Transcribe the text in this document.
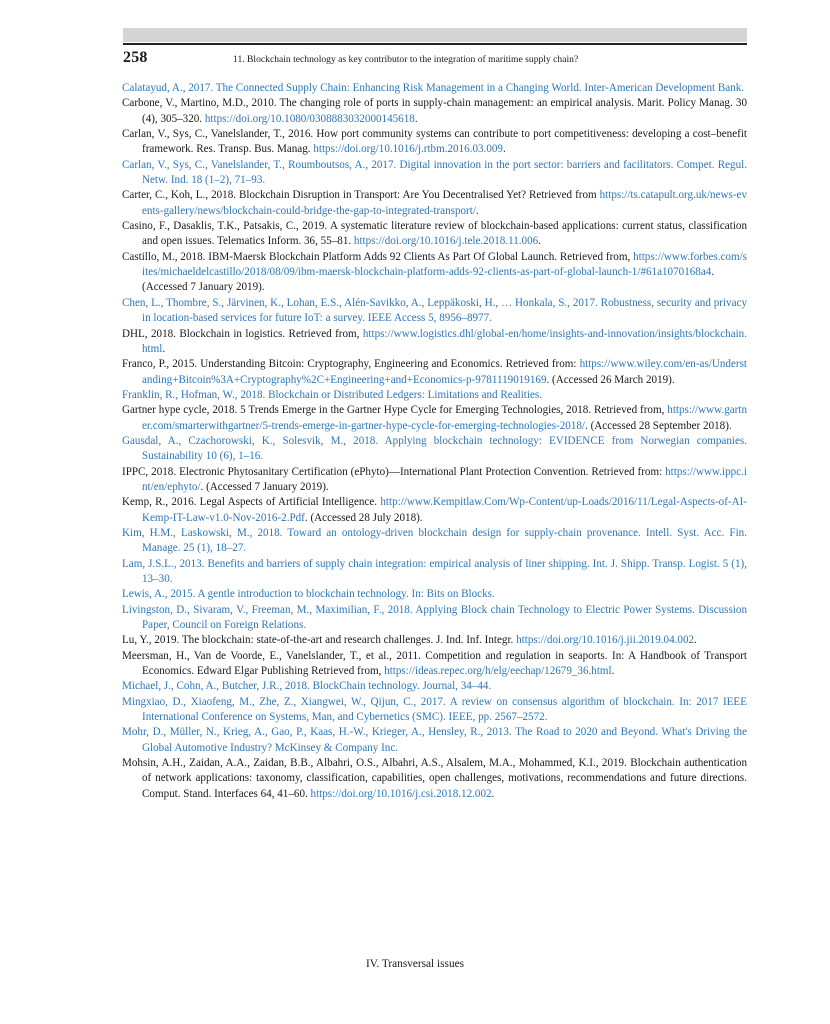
258	11. Blockchain technology as key contributor to the integration of maritime supply chain?

Calatayud, A., 2017. The Connected Supply Chain: Enhancing Risk Management in a Changing World. Inter-American Development Bank.

Carbone, V., Martino, M.D., 2010. The changing role of ports in supply-chain management: an empirical analysis. Marit. Policy Manag. 30 (4), 305–320. https://doi.org/10.1080/0308883032000145618.

Carlan, V., Sys, C., Vanelslander, T., 2016. How port community systems can contribute to port competitiveness: developing a cost–benefit framework. Res. Transp. Bus. Manag. https://doi.org/10.1016/j.rtbm.2016.03.009.

Carlan, V., Sys, C., Vanelslander, T., Roumboutsos, A., 2017. Digital innovation in the port sector: barriers and facilitators. Compet. Regul. Netw. Ind. 18 (1–2), 71–93.

Carter, C., Koh, L., 2018. Blockchain Disruption in Transport: Are You Decentralised Yet? Retrieved from https://ts.catapult.org.uk/news-events-gallery/news/blockchain-could-bridge-the-gap-to-integrated-transport/.

Casino, F., Dasaklis, T.K., Patsakis, C., 2019. A systematic literature review of blockchain-based applications: current status, classification and open issues. Telematics Inform. 36, 55–81. https://doi.org/10.1016/j.tele.2018.11.006.

Castillo, M., 2018. IBM-Maersk Blockchain Platform Adds 92 Clients As Part Of Global Launch. Retrieved from, https://www.forbes.com/sites/michaeldelcastillo/2018/08/09/ibm-maersk-blockchain-platform-adds-92-clients-as-part-of-global-launch-1/#61a1070168a4. (Accessed 7 January 2019).

Chen, L., Thombre, S., Järvinen, K., Lohan, E.S., Alén-Savikko, A., Leppäkoski, H., … Honkala, S., 2017. Robustness, security and privacy in location-based services for future IoT: a survey. IEEE Access 5, 8956–8977.

DHL, 2018. Blockchain in logistics. Retrieved from, https://www.logistics.dhl/global-en/home/insights-and-innovation/insights/blockchain.html.

Franco, P., 2015. Understanding Bitcoin: Cryptography, Engineering and Economics. Retrieved from: https://www.wiley.com/en-as/Understanding+Bitcoin%3A+Cryptography%2C+Engineering+and+Economics-p-9781119019169. (Accessed 26 March 2019).

Franklin, R., Hofman, W., 2018. Blockchain or Distributed Ledgers: Limitations and Realities.

Gartner hype cycle, 2018. 5 Trends Emerge in the Gartner Hype Cycle for Emerging Technologies, 2018. Retrieved from, https://www.gartner.com/smarterwithgartner/5-trends-emerge-in-gartner-hype-cycle-for-emerging-technologies-2018/. (Accessed 28 September 2018).

Gausdal, A., Czachorowski, K., Solesvik, M., 2018. Applying blockchain technology: EVIDENCE from Norwegian companies. Sustainability 10 (6), 1–16.

IPPC, 2018. Electronic Phytosanitary Certification (ePhyto)—International Plant Protection Convention. Retrieved from: https://www.ippc.int/en/ephyto/. (Accessed 7 January 2019).

Kemp, R., 2016. Legal Aspects of Artificial Intelligence. http://www.Kempitlaw.Com/Wp-Content/up-Loads/2016/11/Legal-Aspects-of-AI-Kemp-IT-Law-v1.0-Nov-2016-2.Pdf. (Accessed 28 July 2018).

Kim, H.M., Laskowski, M., 2018. Toward an ontology-driven blockchain design for supply-chain provenance. Intell. Syst. Acc. Fin. Manage. 25 (1), 18–27.

Lam, J.S.L., 2013. Benefits and barriers of supply chain integration: empirical analysis of liner shipping. Int. J. Shipp. Transp. Logist. 5 (1), 13–30.

Lewis, A., 2015. A gentle introduction to blockchain technology. In: Bits on Blocks.

Livingston, D., Sivaram, V., Freeman, M., Maximilian, F., 2018. Applying Block chain Technology to Electric Power Systems. Discussion Paper, Council on Foreign Relations.

Lu, Y., 2019. The blockchain: state-of-the-art and research challenges. J. Ind. Inf. Integr. https://doi.org/10.1016/j.jii.2019.04.002.

Meersman, H., Van de Voorde, E., Vanelslander, T., et al., 2011. Competition and regulation in seaports. In: A Handbook of Transport Economics. Edward Elgar Publishing Retrieved from, https://ideas.repec.org/h/elg/eechap/12679_36.html.

Michael, J., Cohn, A., Butcher, J.R., 2018. BlockChain technology. Journal, 34–44.

Mingxiao, D., Xiaofeng, M., Zhe, Z., Xiangwei, W., Qijun, C., 2017. A review on consensus algorithm of blockchain. In: 2017 IEEE International Conference on Systems, Man, and Cybernetics (SMC). IEEE, pp. 2567–2572.

Mohr, D., Müller, N., Krieg, A., Gao, P., Kaas, H.-W., Krieger, A., Hensley, R., 2013. The Road to 2020 and Beyond. What's Driving the Global Automotive Industry? McKinsey & Company Inc.

Mohsin, A.H., Zaidan, A.A., Zaidan, B.B., Albahri, O.S., Albahri, A.S., Alsalem, M.A., Mohammed, K.I., 2019. Blockchain authentication of network applications: taxonomy, classification, capabilities, open challenges, motivations, recommendations and future directions. Comput. Stand. Interfaces 64, 41–60. https://doi.org/10.1016/j.csi.2018.12.002.

IV. Transversal issues
